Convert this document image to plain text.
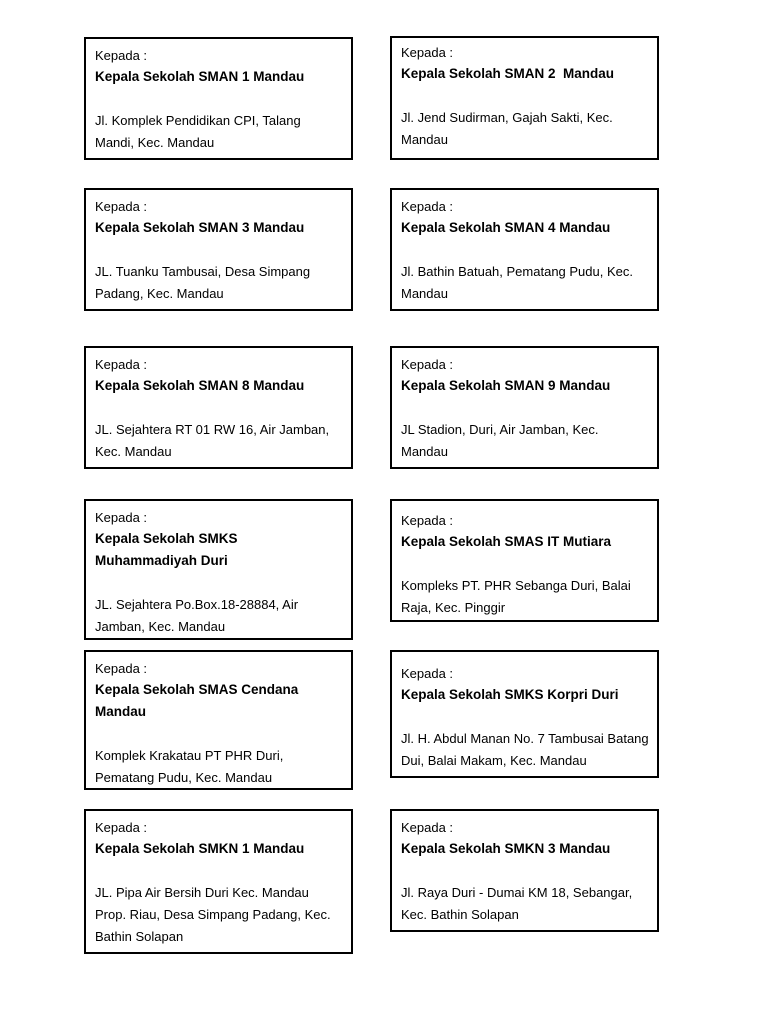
Kepada :
Kepala Sekolah SMAN 1 Mandau
Jl. Komplek Pendidikan CPI, Talang Mandi, Kec. Mandau
Kepada :
Kepala Sekolah SMAN 2  Mandau
Jl. Jend Sudirman, Gajah Sakti, Kec. Mandau
Kepada :
Kepala Sekolah SMAN 3 Mandau
JL. Tuanku Tambusai, Desa Simpang Padang, Kec. Mandau
Kepada :
Kepala Sekolah SMAN 4 Mandau
Jl. Bathin Batuah, Pematang Pudu, Kec. Mandau
Kepada :
Kepala Sekolah SMAN 8 Mandau
JL. Sejahtera RT 01 RW 16, Air Jamban, Kec. Mandau
Kepada :
Kepala Sekolah SMAN 9 Mandau
JL Stadion, Duri, Air Jamban, Kec. Mandau
Kepada :
Kepala Sekolah SMKS Muhammadiyah Duri
JL. Sejahtera Po.Box.18-28884, Air Jamban, Kec. Mandau
Kepada :
Kepala Sekolah SMAS IT Mutiara
Kompleks PT. PHR Sebanga Duri, Balai Raja, Kec. Pinggir
Kepada :
Kepala Sekolah SMAS Cendana Mandau
Komplek Krakatau PT PHR Duri, Pematang Pudu, Kec. Mandau
Kepada :
Kepala Sekolah SMKS Korpri Duri
Jl. H. Abdul Manan No. 7 Tambusai Batang Dui, Balai Makam, Kec. Mandau
Kepada :
Kepala Sekolah SMKN 1 Mandau
JL. Pipa Air Bersih Duri Kec. Mandau Prop. Riau, Desa Simpang Padang, Kec. Bathin Solapan
Kepada :
Kepala Sekolah SMKN 3 Mandau
Jl. Raya Duri - Dumai KM 18, Sebangar, Kec. Bathin Solapan
